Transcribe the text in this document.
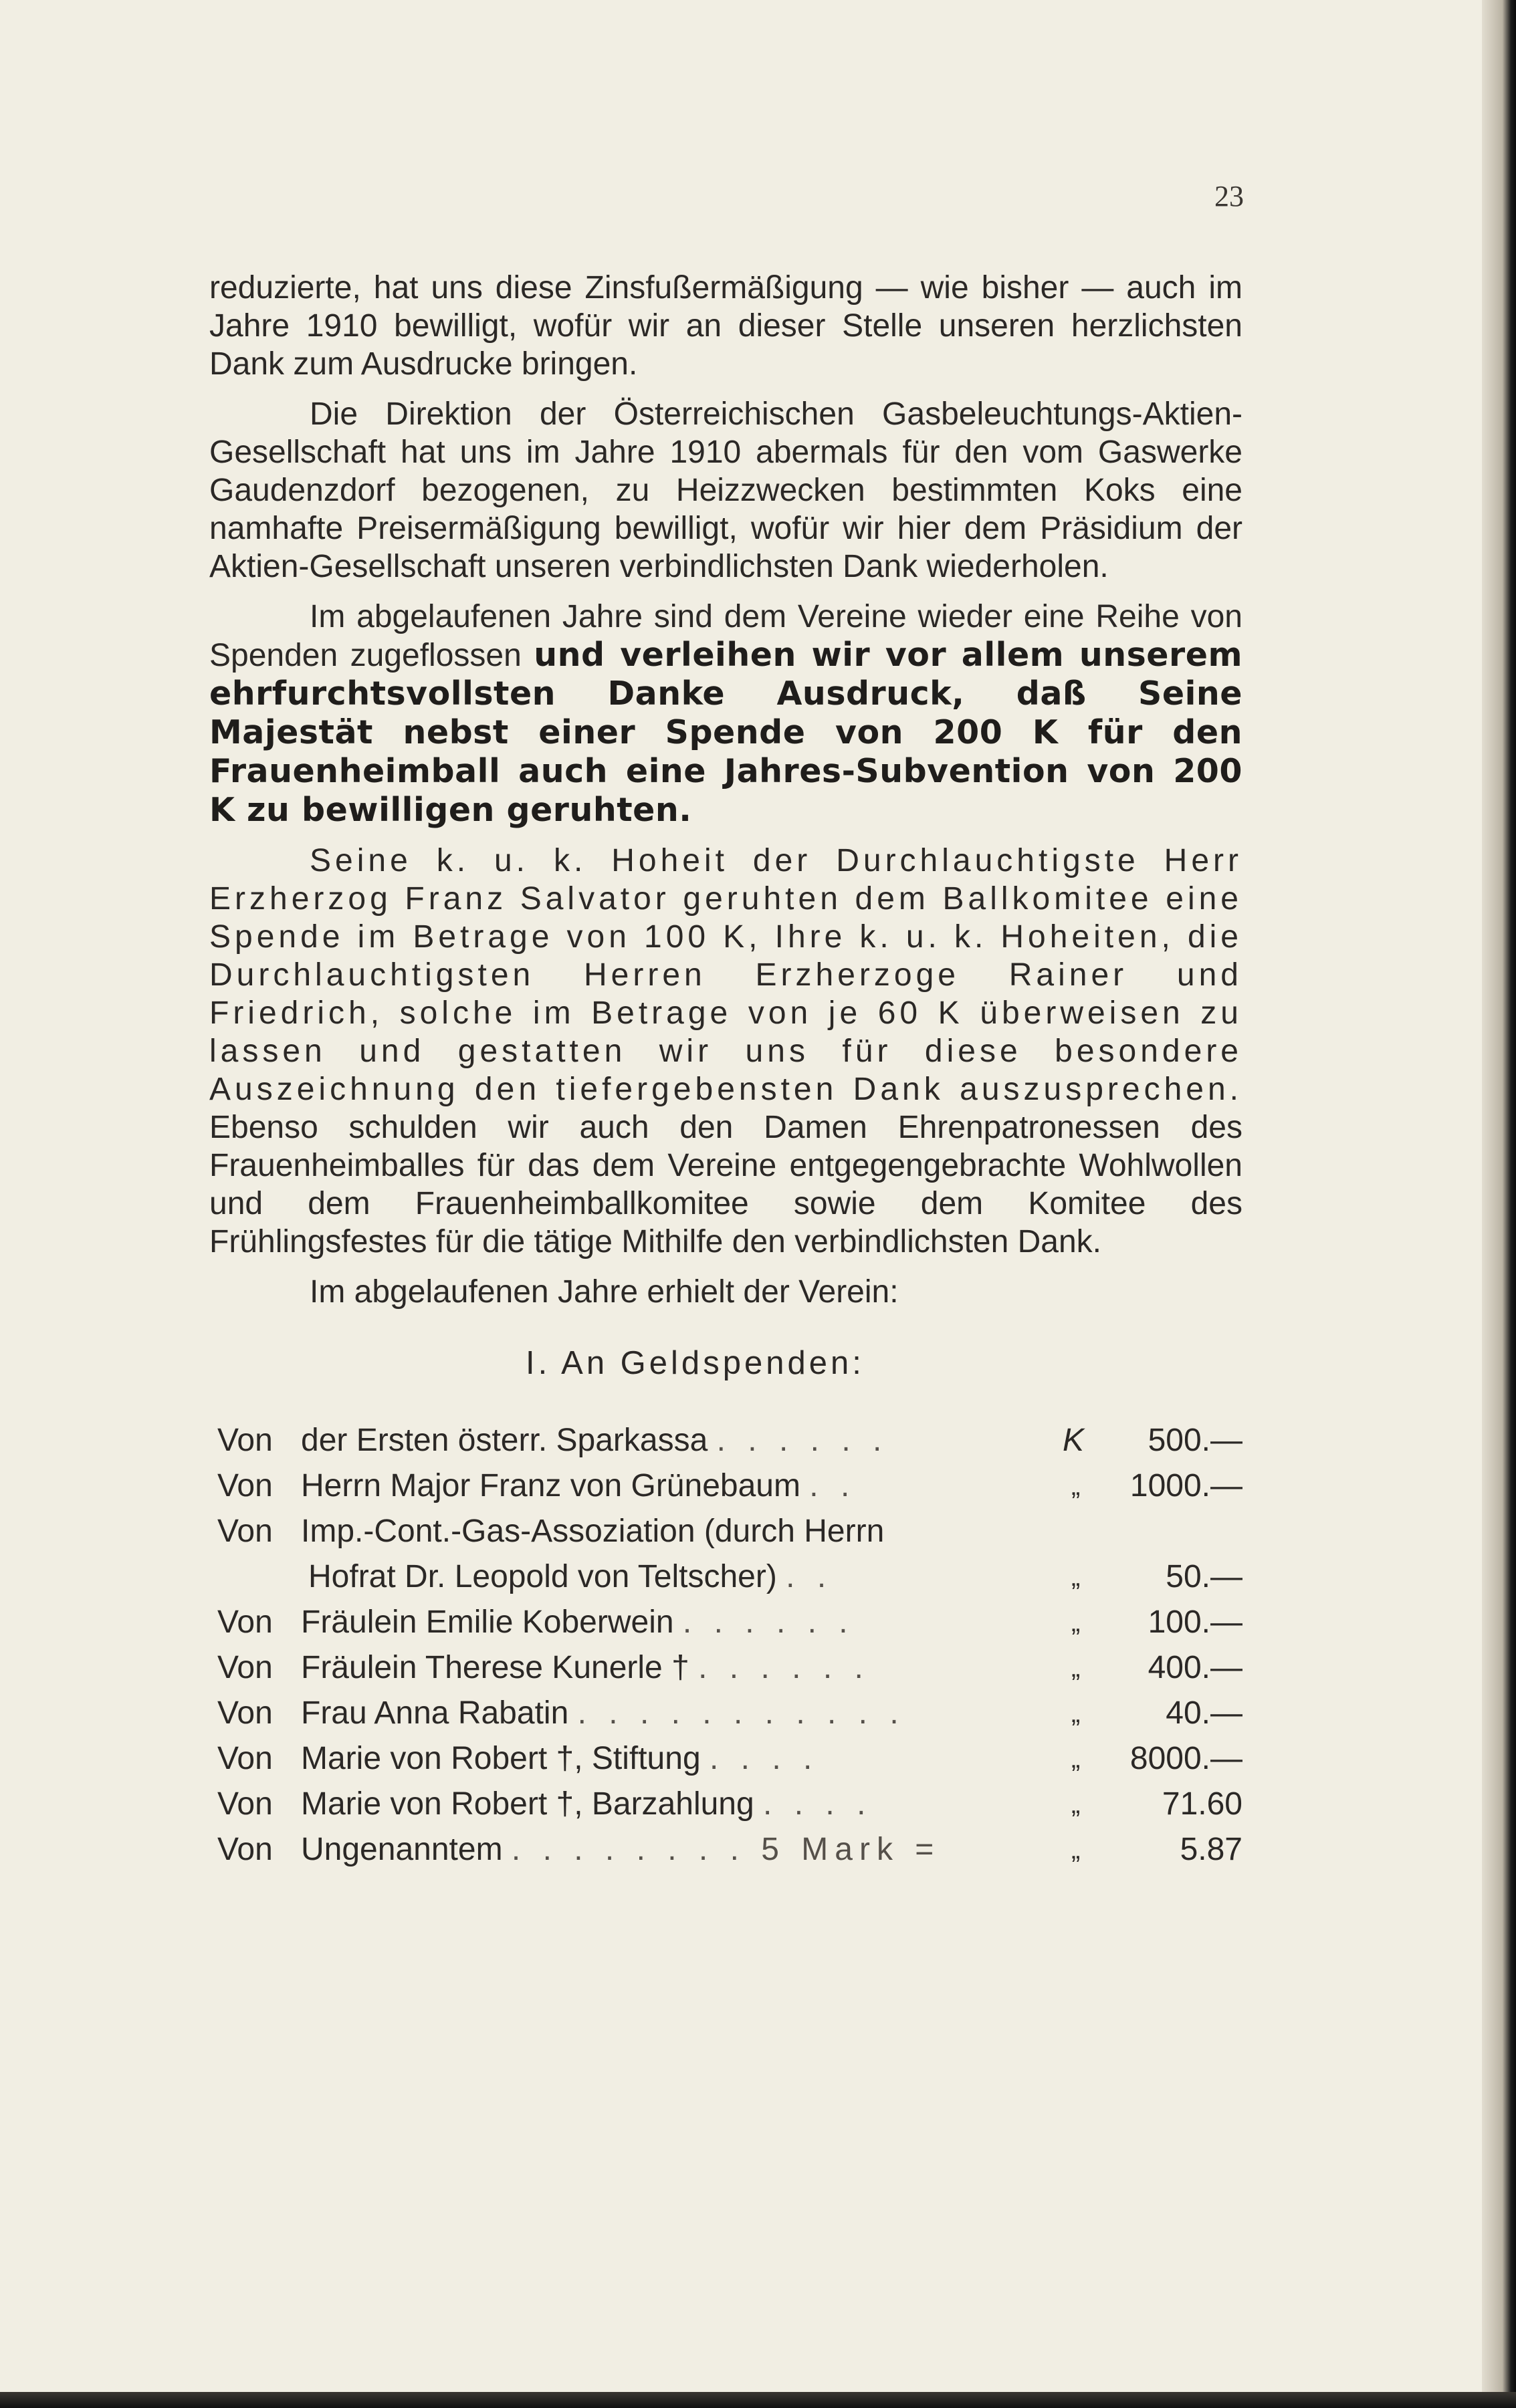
23

reduzierte, hat uns diese Zinsfußermäßigung — wie bisher — auch im Jahre 1910 bewilligt, wofür wir an dieser Stelle unseren herzlichsten Dank zum Ausdrucke bringen.

Die Direktion der Österreichischen Gasbeleuchtungs-Aktien-Gesellschaft hat uns im Jahre 1910 abermals für den vom Gaswerke Gaudenzdorf bezogenen, zu Heizzwecken bestimmten Koks eine namhafte Preisermäßigung bewilligt, wofür wir hier dem Präsidium der Aktien-Gesellschaft unseren verbindlichsten Dank wiederholen.

Im abgelaufenen Jahre sind dem Vereine wieder eine Reihe von Spenden zugeflossen und verleihen wir vor allem unserem ehrfurchtsvollsten Danke Ausdruck, daß Seine Majestät nebst einer Spende von 200 K für den Frauenheimball auch eine Jahres-Subvention von 200 K zu bewilligen geruhten.

Seine k. u. k. Hoheit der Durchlauchtigste Herr Erzherzog Franz Salvator geruhten dem Ballkomitee eine Spende im Betrage von 100 K, Ihre k. u. k. Hoheiten, die Durchlauchtigsten Herren Erzherzoge Rainer und Friedrich, solche im Betrage von je 60 K überweisen zu lassen und gestatten wir uns für diese besondere Auszeichnung den tiefergebensten Dank auszusprechen. Ebenso schulden wir auch den Damen Ehrenpatronessen des Frauenheimballes für das dem Vereine entgegengebrachte Wohlwollen und dem Frauenheimballkomitee sowie dem Komitee des Frühlingsfestes für die tätige Mithilfe den verbindlichsten Dank.

Im abgelaufenen Jahre erhielt der Verein:

I. An Geldspenden:
Von der Ersten österr. Sparkassa . . . . . .	K	500.—
Von Herrn Major Franz von Grünebaum . .	„	1000.—
Von Imp.-Cont.-Gas-Assoziation (durch Herrn
Hofrat Dr. Leopold von Teltscher) . .	„	50.—
Von Fräulein Emilie Koberwein . . . . . .	„	100.—
Von Fräulein Therese Kunerle † . . . . . .	„	400.—
Von Frau Anna Rabatin . . . . . . . . . . .	„	40.—
Von Marie von Robert †, Stiftung . . . .	„	8000.—
Von Marie von Robert †, Barzahlung . . . .	„	71.60
Von Ungenanntem . . . . . . . . 5 Mark =	„	5.87
